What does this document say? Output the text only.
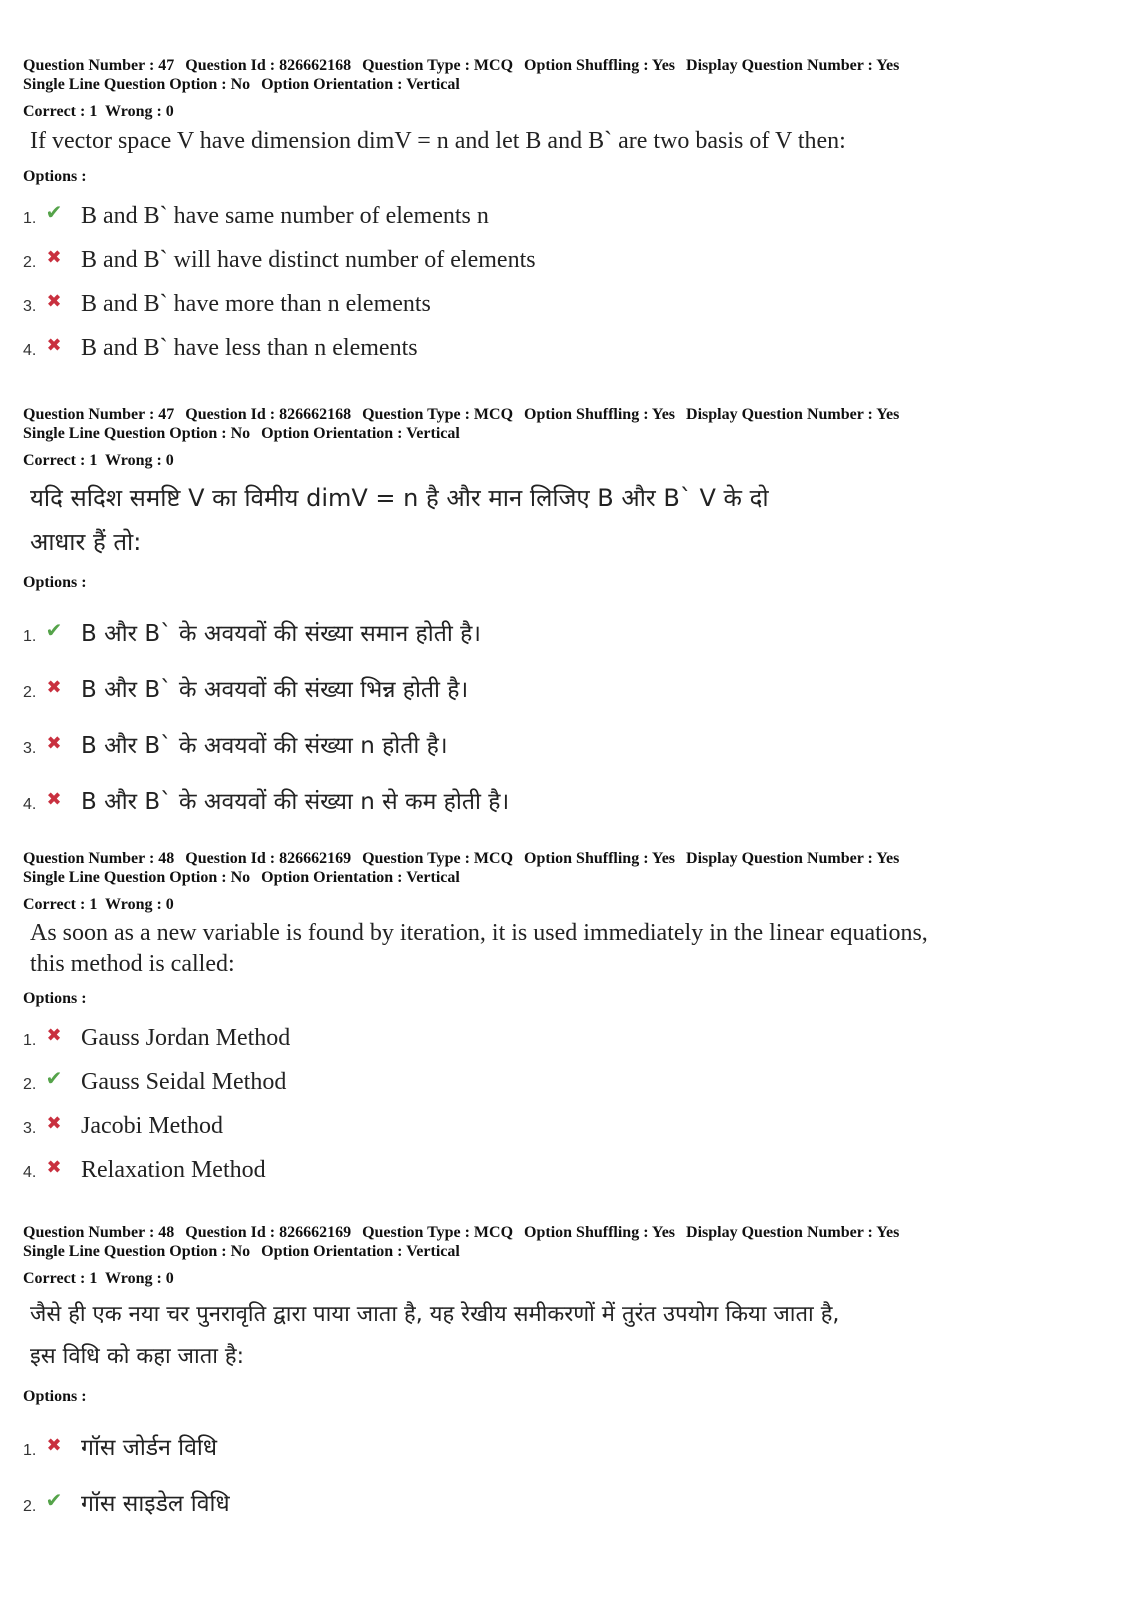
Question Number : 47 Question Id : 826662168 Question Type : MCQ Option Shuffling : Yes Display Question Number : Yes
Single Line Question Option : No Option Orientation : Vertical
Correct : 1 Wrong : 0
If vector space V have dimension dimV = n and let B and B` are two basis of V then:
Options :
1. ✔ B and B` have same number of elements n
2. ✖ B and B` will have distinct number of elements
3. ✖ B and B` have more than n elements
4. ✖ B and B` have less than n elements
Question Number : 47 Question Id : 826662168 Question Type : MCQ Option Shuffling : Yes Display Question Number : Yes
Single Line Question Option : No Option Orientation : Vertical
Correct : 1 Wrong : 0
यदि सदिश समष्टि V का विमीय dimV = n है और मान लिजिए B और B` V के दो
आधार हैं तो:
Options :
1. ✔ B और B` के अवयवों की संख्या समान होती है।
2. ✖ B और B` के अवयवों की संख्या भिन्न होती है।
3. ✖ B और B` के अवयवों की संख्या n होती है।
4. ✖ B और B` के अवयवों की संख्या n से कम होती है।
Question Number : 48 Question Id : 826662169 Question Type : MCQ Option Shuffling : Yes Display Question Number : Yes
Single Line Question Option : No Option Orientation : Vertical
Correct : 1 Wrong : 0
As soon as a new variable is found by iteration, it is used immediately in the linear equations,
this method is called:
Options :
1. ✖ Gauss Jordan Method
2. ✔ Gauss Seidal Method
3. ✖ Jacobi Method
4. ✖ Relaxation Method
Question Number : 48 Question Id : 826662169 Question Type : MCQ Option Shuffling : Yes Display Question Number : Yes
Single Line Question Option : No Option Orientation : Vertical
Correct : 1 Wrong : 0
जैसे ही एक नया चर पुनरावृति द्वारा पाया जाता है, यह रेखीय समीकरणों में तुरंत उपयोग किया जाता है,
इस विधि को कहा जाता है:
Options :
1. ✖ गॉस जोर्डन विधि
2. ✔ गॉस साइडेल विधि
